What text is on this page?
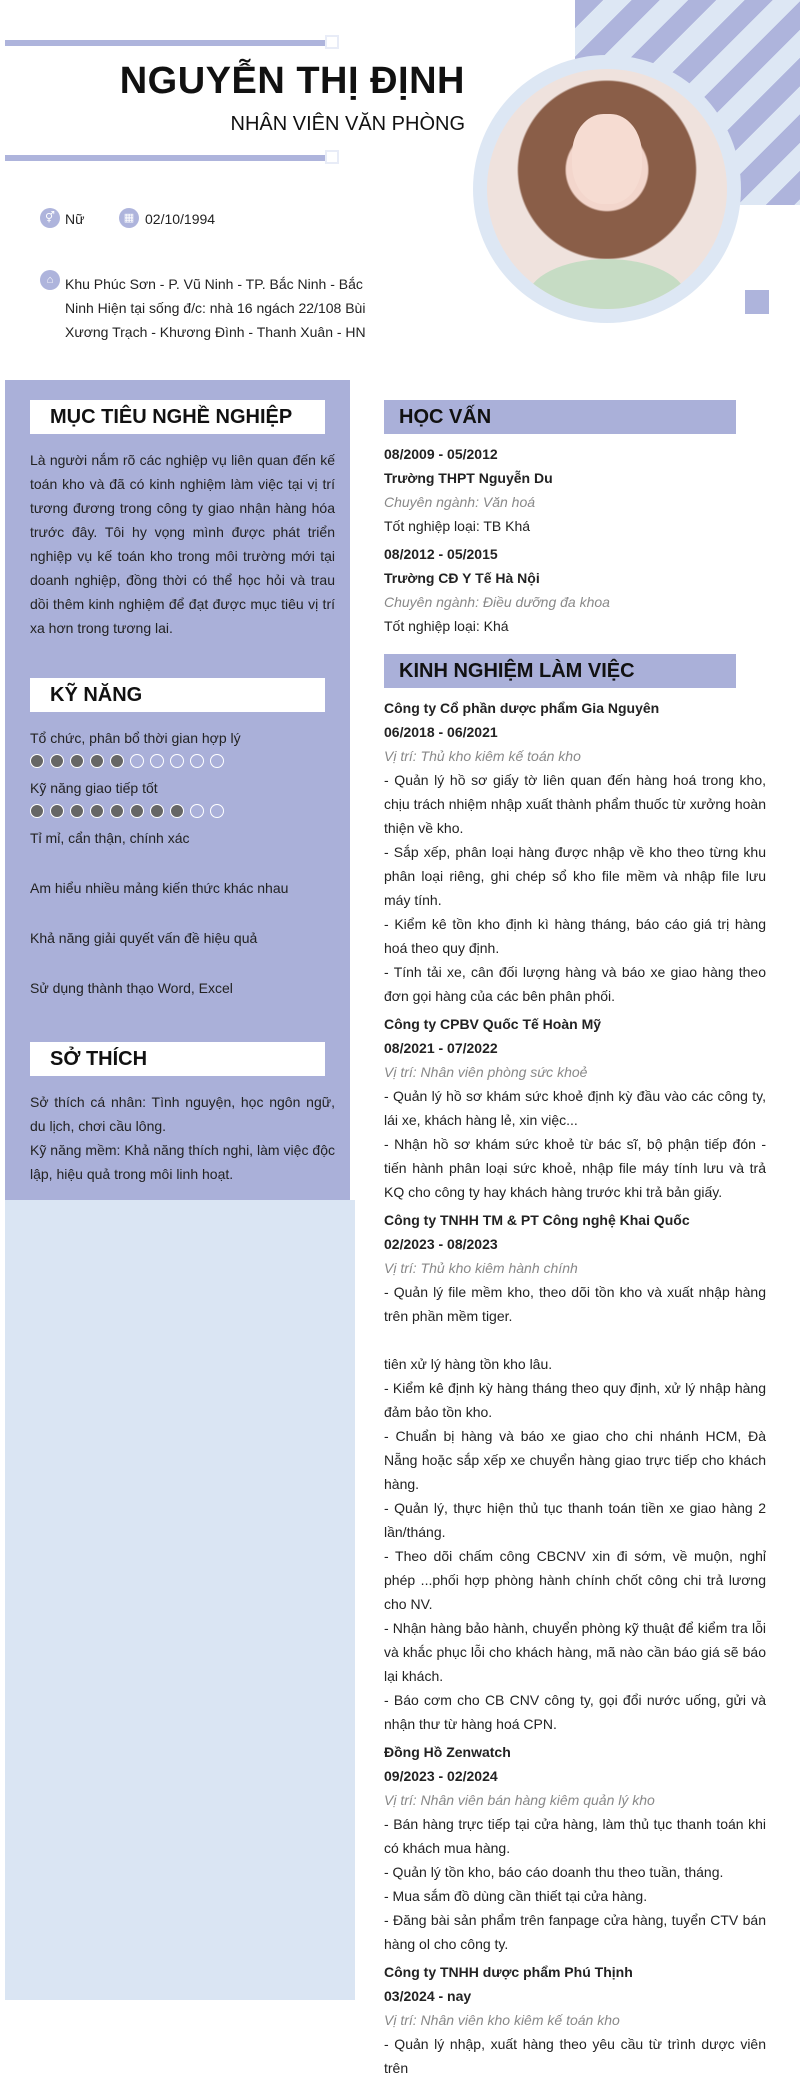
NGUYỄN THỊ ĐỊNH
NHÂN VIÊN VĂN PHÒNG
⚥ Nữ	▦ 02/10/1994
⌂ Khu Phúc Sơn - P. Vũ Ninh - TP. Bắc Ninh - Bắc
Ninh Hiện tại sống đ/c: nhà 16 ngách 22/108 Bùi
Xương Trạch - Khương Đình - Thanh Xuân - HN
MỤC TIÊU NGHỀ NGHIỆP
Là người nắm rõ các nghiệp vụ liên quan đến kế toán kho và đã có kinh nghiệm làm việc tại vị trí tương đương trong công ty giao nhận hàng hóa trước đây. Tôi hy vọng mình được phát triển nghiệp vụ kế toán kho trong môi trường mới tại doanh nghiệp, đồng thời có thể học hỏi và trau dồi thêm kinh nghiệm để đạt được mục tiêu vị trí xa hơn trong tương lai.
KỸ NĂNG
Tổ chức, phân bổ thời gian hợp lý
Kỹ năng giao tiếp tốt
Tỉ mỉ, cẩn thận, chính xác
Am hiểu nhiều mảng kiến thức khác nhau
Khả năng giải quyết vấn đề hiệu quả
Sử dụng thành thạo Word, Excel
SỞ THÍCH
Sở thích cá nhân: Tình nguyện, học ngôn ngữ, du lịch, chơi cầu lông.
Kỹ năng mềm: Khả năng thích nghi, làm việc độc lập, hiệu quả trong môi linh hoạt.
HỌC VẤN
08/2009 - 05/2012
Trường THPT Nguyễn Du
Chuyên ngành: Văn hoá
Tốt nghiệp loại: TB Khá
08/2012 - 05/2015
Trường CĐ Y Tế Hà Nội
Chuyên ngành: Điều dưỡng đa khoa
Tốt nghiệp loại: Khá
KINH NGHIỆM LÀM VIỆC
Công ty Cổ phần dược phẩm Gia Nguyên
06/2018 - 06/2021
Vị trí: Thủ kho kiêm kế toán kho
- Quản lý hồ sơ giấy tờ liên quan đến hàng hoá trong kho, chịu trách nhiệm nhập xuất thành phẩm thuốc từ xưởng hoàn thiện về kho.
- Sắp xếp, phân loại hàng được nhập về kho theo từng khu phân loại riêng, ghi chép sổ kho file mềm và nhập file lưu máy tính.
- Kiểm kê tồn kho định kì hàng tháng, báo cáo giá trị hàng hoá theo quy định.
- Tính tải xe, cân đối lượng hàng và báo xe giao hàng theo đơn gọi hàng của các bên phân phối.
Công ty CPBV Quốc Tế Hoàn Mỹ
08/2021 - 07/2022
Vị trí: Nhân viên phòng sức khoẻ
- Quản lý hồ sơ khám sức khoẻ định kỳ đầu vào các công ty, lái xe, khách hàng lẻ, xin việc...
- Nhận hồ sơ khám sức khoẻ từ bác sĩ, bộ phận tiếp đón - tiến hành phân loại sức khoẻ, nhập file máy tính lưu và trả KQ cho công ty hay khách hàng trước khi trả bản giấy.
Công ty TNHH TM & PT Công nghệ Khai Quốc
02/2023 - 08/2023
Vị trí: Thủ kho kiêm hành chính
- Quản lý file mềm kho, theo dõi tồn kho và xuất nhập hàng trên phần mềm tiger.
tiên xử lý hàng tồn kho lâu.
- Kiểm kê định kỳ hàng tháng theo quy định, xử lý nhập hàng đảm bảo tồn kho.
- Chuẩn bị hàng và báo xe giao cho chi nhánh HCM, Đà Nẵng hoặc sắp xếp xe chuyển hàng giao trực tiếp cho khách hàng.
- Quản lý, thực hiện thủ tục thanh toán tiền xe giao hàng 2 lần/tháng.
- Theo dõi chấm công CBCNV xin đi sớm, về muộn, nghỉ phép ...phối hợp phòng hành chính chốt công chi trả lương cho NV.
- Nhận hàng bảo hành, chuyển phòng kỹ thuật để kiểm tra lỗi và khắc phục lỗi cho khách hàng, mã nào cần báo giá sẽ báo lại khách.
- Báo cơm cho CB CNV công ty, gọi đổi nước uống, gửi và nhận thư từ hàng hoá CPN.
Đồng Hồ Zenwatch
09/2023 - 02/2024
Vị trí: Nhân viên bán hàng kiêm quản lý kho
- Bán hàng trực tiếp tại cửa hàng, làm thủ tục thanh toán khi có khách mua hàng.
- Quản lý tồn kho, báo cáo doanh thu theo tuần, tháng.
- Mua sắm đồ dùng cần thiết tại cửa hàng.
- Đăng bài sản phẩm trên fanpage cửa hàng, tuyển CTV bán hàng ol cho công ty.
Công ty TNHH dược phẩm Phú Thịnh
03/2024 - nay
Vị trí: Nhân viên kho kiêm kế toán kho
- Quản lý nhập, xuất hàng theo yêu cầu từ trình dược viên trên
